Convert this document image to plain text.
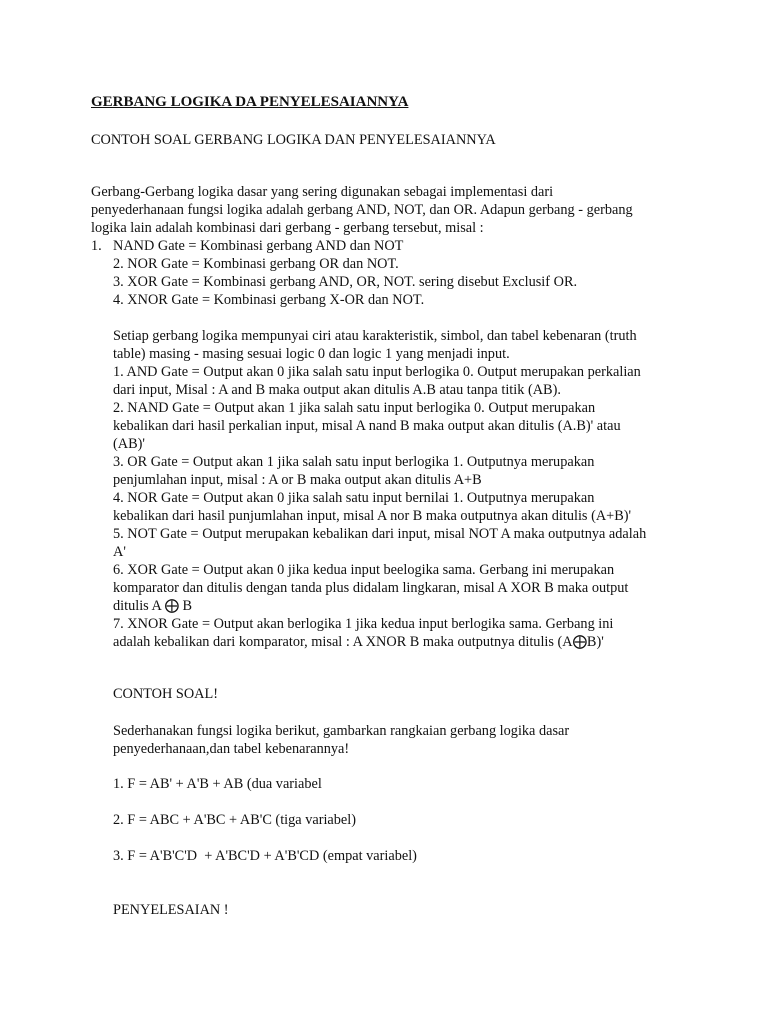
GERBANG LOGIKA DA PENYELESAIANNYA
CONTOH SOAL GERBANG LOGIKA DAN PENYELESAIANNYA
Gerbang-Gerbang logika dasar yang sering digunakan sebagai implementasi dari
penyederhanaan fungsi logika adalah gerbang AND, NOT, dan OR. Adapun gerbang - gerbang
logika lain adalah kombinasi dari gerbang - gerbang tersebut, misal :
1. NAND Gate = Kombinasi gerbang AND dan NOT
2. NOR Gate = Kombinasi gerbang OR dan NOT.
3. XOR Gate = Kombinasi gerbang AND, OR, NOT. sering disebut Exclusif OR.
4. XNOR Gate = Kombinasi gerbang X-OR dan NOT.
Setiap gerbang logika mempunyai ciri atau karakteristik, simbol, dan tabel kebenaran (truth
table) masing - masing sesuai logic 0 dan logic 1 yang menjadi input.
1. AND Gate = Output akan 0 jika salah satu input berlogika 0. Output merupakan perkalian
dari input, Misal : A and B maka output akan ditulis A.B atau tanpa titik (AB).
2. NAND Gate = Output akan 1 jika salah satu input berlogika 0. Output merupakan
kebalikan dari hasil perkalian input, misal A nand B maka output akan ditulis (A.B)' atau
(AB)'
3. OR Gate = Output akan 1 jika salah satu input berlogika 1. Outputnya merupakan
penjumlahan input, misal : A or B maka output akan ditulis A+B
4. NOR Gate = Output akan 0 jika salah satu input bernilai 1. Outputnya merupakan
kebalikan dari hasil punjumlahan input, misal A nor B maka outputnya akan ditulis (A+B)'
5. NOT Gate = Output merupakan kebalikan dari input, misal NOT A maka outputnya adalah
A'
6. XOR Gate = Output akan 0 jika kedua input beelogika sama. Gerbang ini merupakan
komparator dan ditulis dengan tanda plus didalam lingkaran, misal A XOR B maka output
ditulis A ⨁ B
7. XNOR Gate = Output akan berlogika 1 jika kedua input berlogika sama. Gerbang ini
adalah kebalikan dari komparator, misal : A XNOR B maka outputnya ditulis (A⨁B)'
CONTOH SOAL!
Sederhanakan fungsi logika berikut, gambarkan rangkaian gerbang logika dasar
penyederhanaan,dan tabel kebenarannya!
1. F = AB' + A'B + AB (dua variabel
2. F = ABC + A'BC + AB'C (tiga variabel)
3. F = A'B'C'D  + A'BC'D + A'B'CD (empat variabel)
PENYELESAIAN !
